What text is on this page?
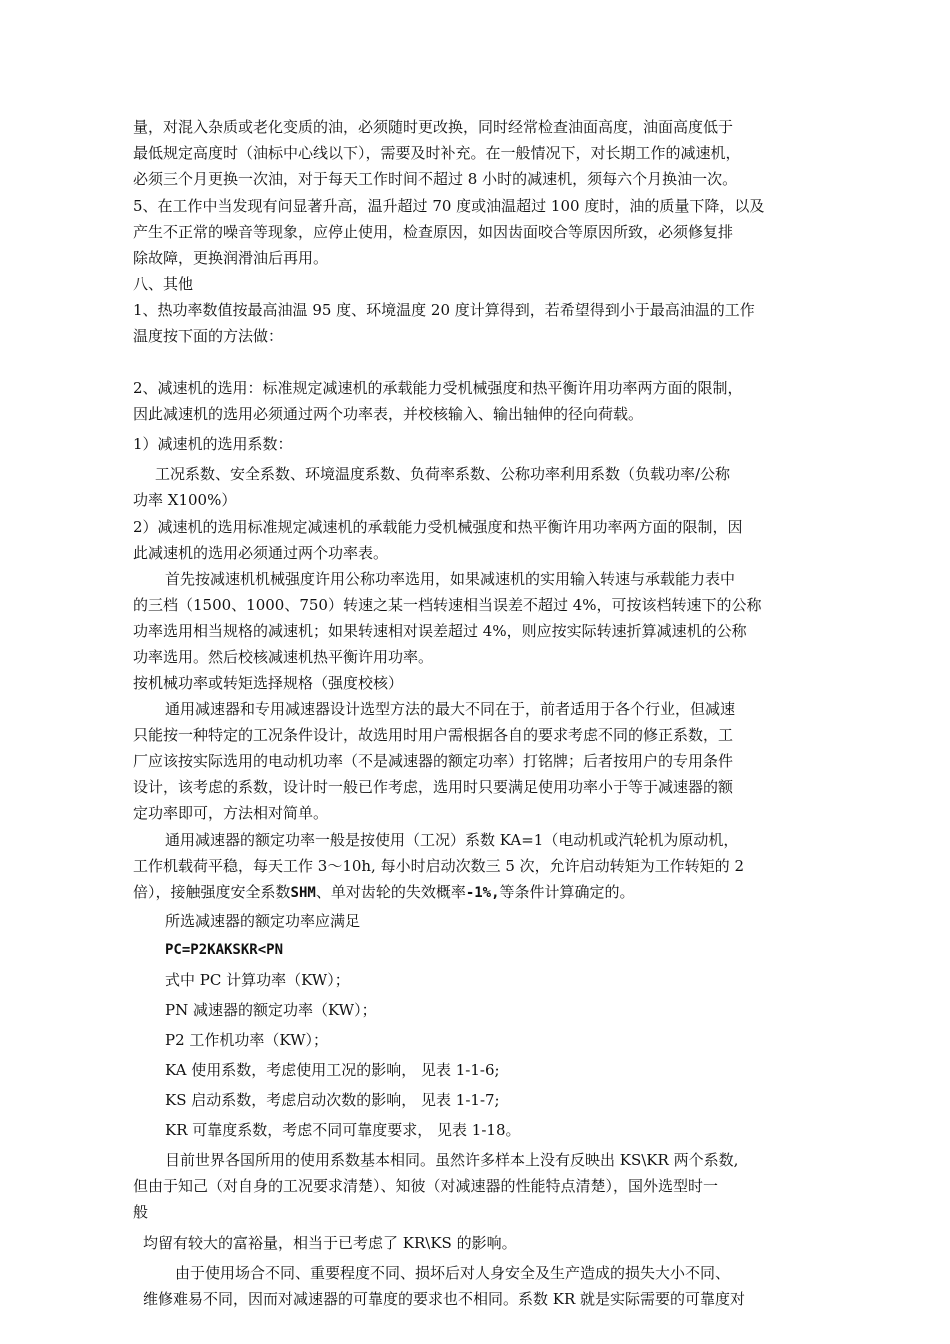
量，对混入杂质或老化变质的油，必须随时更改换，同时经常检查油面高度，油面高度低于
最低规定高度时（油标中心线以下），需要及时补充。在一般情况下，对长期工作的减速机，
必须三个月更换一次油，对于每天工作时间不超过 8 小时的减速机，须每六个月换油一次。
5、在工作中当发现有问显著升高，温升超过 70 度或油温超过 100 度时，油的质量下降，以及
产生不正常的噪音等现象，应停止使用，检查原因，如因齿面咬合等原因所致，必须修复排
除故障，更换润滑油后再用。
八、其他
1、热功率数值按最高油温 95 度、环境温度 20 度计算得到，若希望得到小于最高油温的工作
温度按下面的方法做：
2、减速机的选用：标准规定减速机的承载能力受机械强度和热平衡许用功率两方面的限制，
因此减速机的选用必须通过两个功率表，并校核输入、输出轴伸的径向荷载。
1）减速机的选用系数：
工况系数、安全系数、环境温度系数、负荷率系数、公称功率利用系数（负载功率/公称
功率 X100%）
2）减速机的选用标准规定减速机的承载能力受机械强度和热平衡许用功率两方面的限制，因
此减速机的选用必须通过两个功率表。
首先按减速机机械强度许用公称功率选用，如果减速机的实用输入转速与承载能力表中
的三档（1500、1000、750）转速之某一档转速相当误差不超过 4%，可按该档转速下的公称
功率选用相当规格的减速机；如果转速相对误差超过 4%，则应按实际转速折算减速机的公称
功率选用。然后校核减速机热平衡许用功率。
按机械功率或转矩选择规格（强度校核）
通用减速器和专用减速器设计选型方法的最大不同在于，前者适用于各个行业，但减速
只能按一种特定的工况条件设计，故选用时用户需根据各自的要求考虑不同的修正系数，工
厂应该按实际选用的电动机功率（不是减速器的额定功率）打铭牌；后者按用户的专用条件
设计，该考虑的系数，设计时一般已作考虑，选用时只要满足使用功率小于等于减速器的额
定功率即可，方法相对简单。
通用减速器的额定功率一般是按使用（工况）系数 KA=1（电动机或汽轮机为原动机，
工作机载荷平稳，每天工作 3〜10h, 每小时启动次数三 5 次，允许启动转矩为工作转矩的 2
倍），接触强度安全系数SHM、单对齿轮的失效概率-1%,等条件计算确定的。
所选减速器的额定功率应满足
PC=P2KAKSKR<PN
式中 PC 计算功率（KW）；
PN 减速器的额定功率（KW）；
P2 工作机功率（KW）；
KA 使用系数，考虑使用工况的影响， 见表 1-1-6;
KS 启动系数，考虑启动次数的影响， 见表 1-1-7;
KR 可靠度系数，考虑不同可靠度要求， 见表 1-18。
目前世界各国所用的使用系数基本相同。虽然许多样本上没有反映出 KS\KR 两个系数,
但由于知己（对自身的工况要求清楚）、知彼（对减速器的性能特点清楚），国外选型时一
般
均留有较大的富裕量，相当于已考虑了 KR\KS 的影响。
由于使用场合不同、重要程度不同、损坏后对人身安全及生产造成的损失大小不同、
维修难易不同，因而对减速器的可靠度的要求也不相同。系数 KR 就是实际需要的可靠度对
